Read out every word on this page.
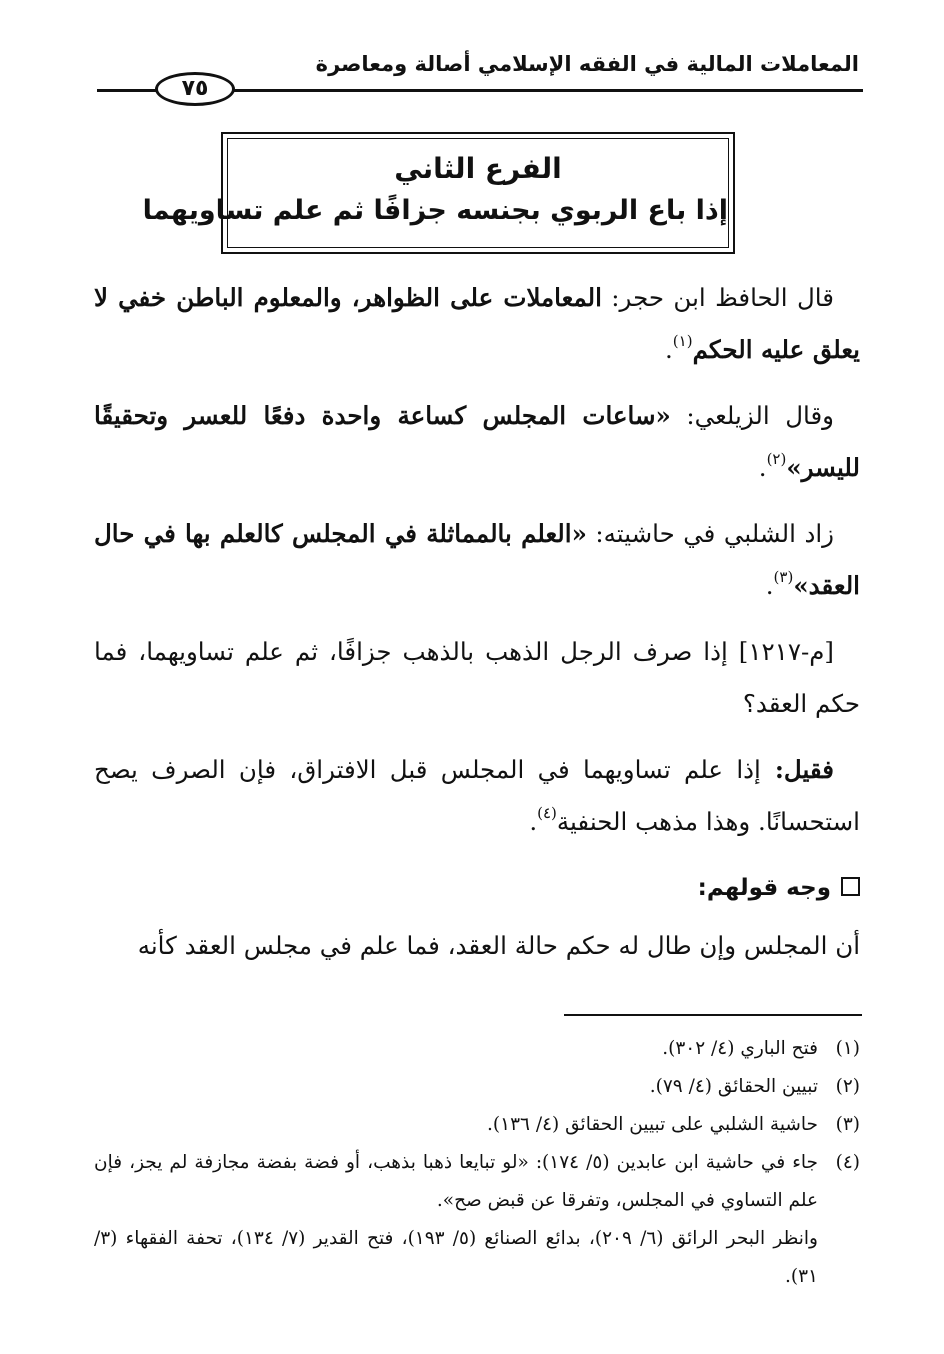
المعاملات المالية في الفقه الإسلامي أصالة ومعاصرة
٧٥
الفرع الثاني
إذا باع الربوي بجنسه جزافًا ثم علم تساويهما

قال الحافظ ابن حجر: المعاملات على الظواهر، والمعلوم الباطن خفي لا يعلق عليه الحكم$^{(١)}$.

وقال الزيلعي: «ساعات المجلس كساعة واحدة دفعًا للعسر وتحقيقًا لليسر»$^{(٢)}$.

زاد الشلبي في حاشيته: «العلم بالمماثلة في المجلس كالعلم بها في حال العقد»$^{(٣)}$.

[م-١٢١٧] إذا صرف الرجل الذهب بالذهب جزافًا، ثم علم تساويهما، فما حكم العقد؟

فقيل: إذا علم تساويهما في المجلس قبل الافتراق، فإن الصرف يصح استحسانًا. وهذا مذهب الحنفية$^{(٤)}$.

وجه قولهم:

أن المجلس وإن طال له حكم حالة العقد، فما علم في مجلس العقد كأنه

(١)
فتح الباري (٤/ ٣٠٢).
(٢)
تبيين الحقائق (٤/ ٧٩).
(٣)
حاشية الشلبي على تبيين الحقائق (٤/ ١٣٦).
(٤)
جاء في حاشية ابن عابدين (٥/ ١٧٤): «لو تبايعا ذهبا بذهب، أو فضة بفضة مجازفة لم يجز، فإن علم التساوي في المجلس، وتفرقا عن قبض صح».
وانظر البحر الرائق (٦/ ٢٠٩)، بدائع الصنائع (٥/ ١٩٣)، فتح القدير (٧/ ١٣٤)، تحفة الفقهاء (٣/ ٣١).
